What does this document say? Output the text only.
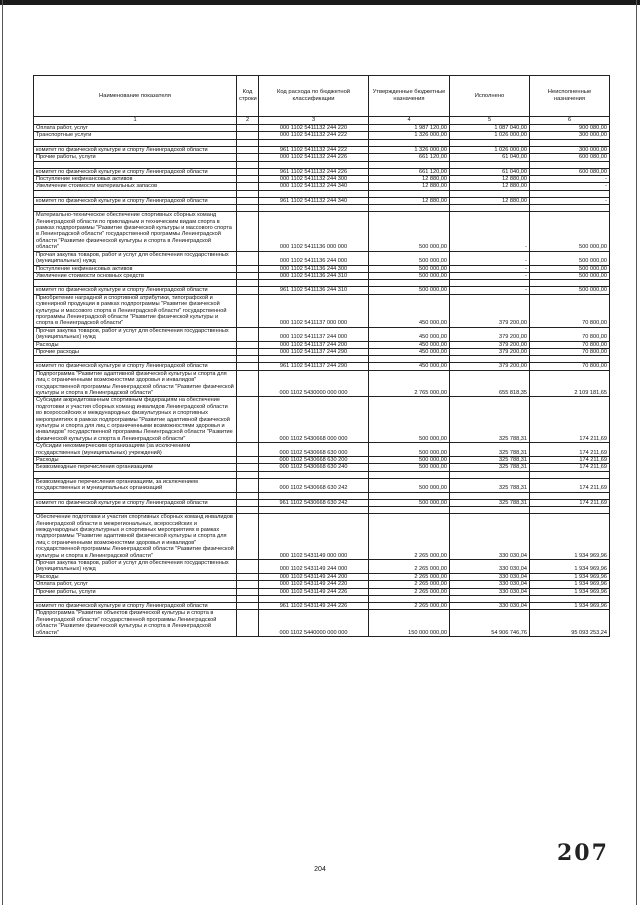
Наименование показателя	Код строки	Код расхода по бюджетной классификации	Утвержденные бюджетные назначения	Исполнено	Неисполненные назначения
1	2	3	4	5	6
Оплата работ, услуг		000 1102 5411132 244 220	1 987 120,00	1 087 040,00	900 080,00
Транспортные услуги		000 1102 5411132 244 222	1 326 000,00	1 026 000,00	300 000,00

комитет по физической культуре и спорту Ленинградской области		961 1102 5411132 244 222	1 326 000,00	1 026 000,00	300 000,00
Прочие работы, услуги		000 1102 5411132 244 226	661 120,00	61 040,00	600 080,00

комитет по физической культуре и спорту Ленинградской области		961 1102 5411132 244 226	661 120,00	61 040,00	600 080,00
Поступление нефинансовых активов		000 1102 5411132 244 300	12 880,00	12 880,00	-
Увеличение стоимости материальных запасов		000 1102 5411132 244 340	12 880,00	12 880,00	-

комитет по физической культуре и спорту Ленинградской области		961 1102 5411132 244 340	12 880,00	12 880,00	-

Материально-техническое обеспечение спортивных сборных команд Ленинградской области по прикладным и техническим видам спорта в рамках подпрограммы "Развитие физической культуры и массового спорта в Ленинградской области" государственной программы Ленинградской области "Развитие физической культуры и спорта в Ленинградской области"		000 1102 5411136 000 000	500 000,00	-	500 000,00
Прочая закупка товаров, работ и услуг для обеспечения государственных (муниципальных) нужд		000 1102 5411136 244 000	500 000,00	-	500 000,00
Поступление нефинансовых активов		000 1102 5411136 244 300	500 000,00	-	500 000,00
Увеличение стоимости основных средств		000 1102 5411136 244 310	500 000,00	-	500 000,00

комитет по физической культуре и спорту Ленинградской области		961 1102 5411136 244 310	500 000,00	-	500 000,00
Приобретение наградной и спортивной атрибутики, типографской и сувенирной продукции в рамках подпрограммы "Развитие физической культуры и массового спорта в Ленинградской области" государственной программы Ленинградской области "Развитие физической культуры и спорта в Ленинградской области"		000 1102 5411137 000 000	450 000,00	379 200,00	70 800,00
Прочая закупка товаров, работ и услуг для обеспечения государственных (муниципальных) нужд		000 1102 5411137 244 000	450 000,00	379 200,00	70 800,00
Расходы		000 1102 5411137 244 200	450 000,00	379 200,00	70 800,00
Прочие расходы		000 1102 5411137 244 290	450 000,00	379 200,00	70 800,00

комитет по физической культуре и спорту Ленинградской области		961 1102 5411137 244 290	450 000,00	379 200,00	70 800,00
Подпрограмма "Развитие адаптивной физической культуры и спорта для лиц с ограниченными возможностями здоровья и инвалидов" государственной программы Ленинградской области "Развитие физической культуры и спорта в Ленинградской области"		000 1102 5430000 000 000	2 765 000,00	655 818,35	2 109 181,65
Субсидии аккредитованным спортивным федерациям на обеспечение подготовки и участия сборных команд инвалидов Ленинградской области во всероссийских и международных физкультурных и спортивных мероприятиях в рамках подпрограммы "Развитие адаптивной физической культуры и спорта для лиц с ограниченными возможностями здоровья и инвалидов" государственной программы Ленинградской области "Развитие физической культуры и спорта в Ленинградской области"		000 1102 5430668 000 000	500 000,00	325 788,31	174 211,69
Субсидии некоммерческим организациям (за исключением государственных (муниципальных) учреждений)		000 1102 5430668 630 000	500 000,00	325 788,31	174 211,69
Расходы		000 1102 5430668 630 200	500 000,00	325 788,31	174 211,69
Безвозмездные перечисления организациям		000 1102 5430668 630 240	500 000,00	325 788,31	174 211,69

Безвозмездные перечисления организациям, за исключением государственных и муниципальных организаций		000 1102 5430668 630 242	500 000,00	325 788,31	174 211,69

комитет по физической культуре и спорту Ленинградской области		961 1102 5430668 630 242	500 000,00	325 788,31	174 211,69

Обеспечение подготовки и участия спортивных сборных команд инвалидов Ленинградской области в межрегиональных, всероссийских и международных физкультурных и спортивных мероприятиях в рамках подпрограммы "Развитие адаптивной физической культуры и спорта для лиц с ограниченными возможностями здоровья и инвалидов" государственной программы Ленинградской области "Развитие физической культуры и спорта в Ленинградской области"		000 1102 5431149 000 000	2 265 000,00	330 030,04	1 934 969,96
Прочая закупка товаров, работ и услуг для обеспечения государственных (муниципальных) нужд		000 1102 5431149 244 000	2 265 000,00	330 030,04	1 934 969,96
Расходы		000 1102 5431149 244 200	2 265 000,00	330 030,04	1 934 969,96
Оплата работ, услуг		000 1102 5431149 244 220	2 265 000,00	330 030,04	1 934 969,96
Прочие работы, услуги		000 1102 5431149 244 226	2 265 000,00	330 030,04	1 934 969,96

комитет по физической культуре и спорту Ленинградской области		961 1102 5431149 244 226	2 265 000,00	330 030,04	1 934 969,96
Подпрограмма "Развитие объектов физической культуры и спорта в Ленинградской области" государственной программы Ленинградской области "Развитие физической культуры и спорта в Ленинградской области"		000 1102 5440000 000 000	150 000 000,00	54 906 746,76	95 093 253,24
207
204
